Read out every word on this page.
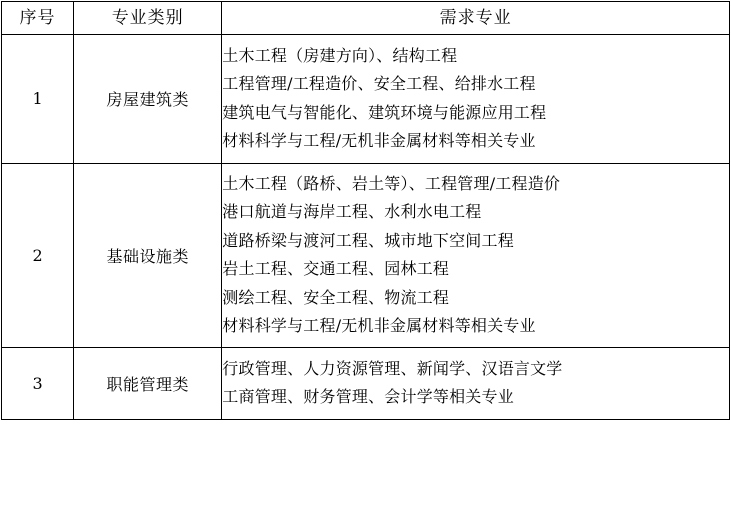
序号	专业类别	需求专业
1	房屋建筑类	土木工程（房建方向）、结构工程
工程管理/工程造价、安全工程、给排水工程
建筑电气与智能化、建筑环境与能源应用工程
材料科学与工程/无机非金属材料等相关专业

2	基础设施类	
土木工程（路桥、岩土等）、工程管理/工程造价
港口航道与海岸工程、水利水电工程
道路桥梁与渡河工程、城市地下空间工程
岩土工程、交通工程、园林工程
测绘工程、安全工程、物流工程
材料科学与工程/无机非金属材料等相关专业

3	职能管理类	行政管理、人力资源管理、新闻学、汉语言文学
工商管理、财务管理、会计学等相关专业
